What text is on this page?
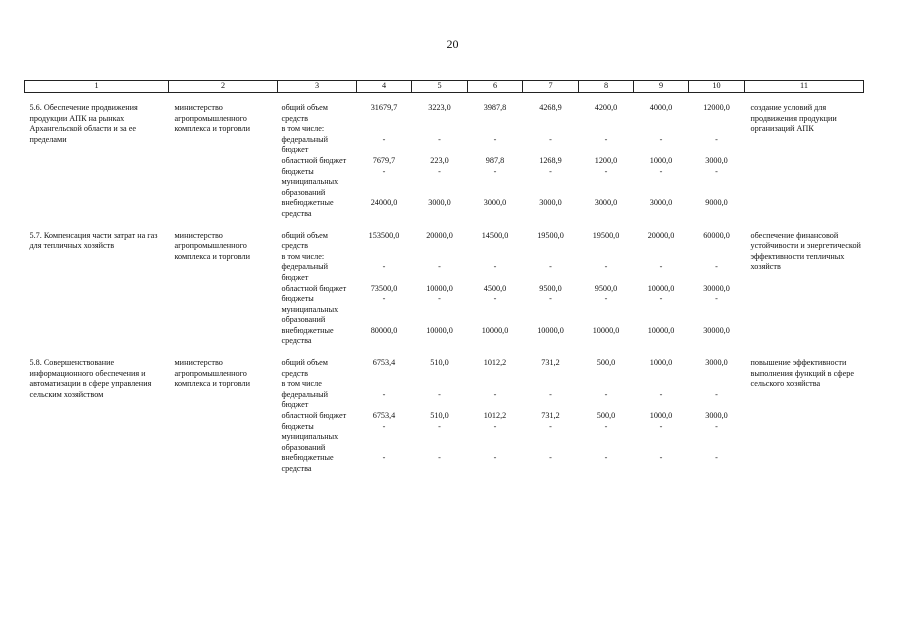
20
1	2	3	4	5	6	7	8	9	10	11
5.6. Обеспечение продвижения продукции АПК на рынках Архангельской области и за ее пределами	министерство агропромышленного комплекса и торговли	общий объем средств	31679,7	3223,0	3987,8	4268,9	4200,0	4000,0	12000,0	создание условий для продвижения продукции организаций АПК
		в том числе:								
		федеральный бюджет	-	-	-	-	-	-	-	
		областной бюджет	7679,7	223,0	987,8	1268,9	1200,0	1000,0	3000,0	
		бюджеты муниципальных образований	-	-	-	-	-	-	-	
		внебюджетные средства	24000,0	3000,0	3000,0	3000,0	3000,0	3000,0	9000,0	
5.7. Компенсация части затрат на газ для тепличных хозяйств	министерство агропромышленного комплекса и торговли	общий объем средств	153500,0	20000,0	14500,0	19500,0	19500,0	20000,0	60000,0	обеспечение финансовой устойчивости и энергетической эффективности тепличных хозяйств
		в том числе:								
		федеральный бюджет	-	-	-	-	-	-	-	
		областной бюджет	73500,0	10000,0	4500,0	9500,0	9500,0	10000,0	30000,0	
		бюджеты муниципальных образований	-	-	-	-	-	-	-	
		внебюджетные средства	80000,0	10000,0	10000,0	10000,0	10000,0	10000,0	30000,0	
5.8. Совершенствование информационного обеспечения и автоматизации в сфере управления сельским хозяйством	министерство агропромышленного комплекса и торговли	общий объем средств	6753,4	510,0	1012,2	731,2	500,0	1000,0	3000,0	повышение эффективности выполнения функций в сфере сельского хозяйства
		в том числе								
		федеральный бюджет	-	-	-	-	-	-	-	
		областной бюджет	6753,4	510,0	1012,2	731,2	500,0	1000,0	3000,0	
		бюджеты муниципальных образований	-	-	-	-	-	-	-	
		внебюджетные средства	-	-	-	-	-	-	-	
